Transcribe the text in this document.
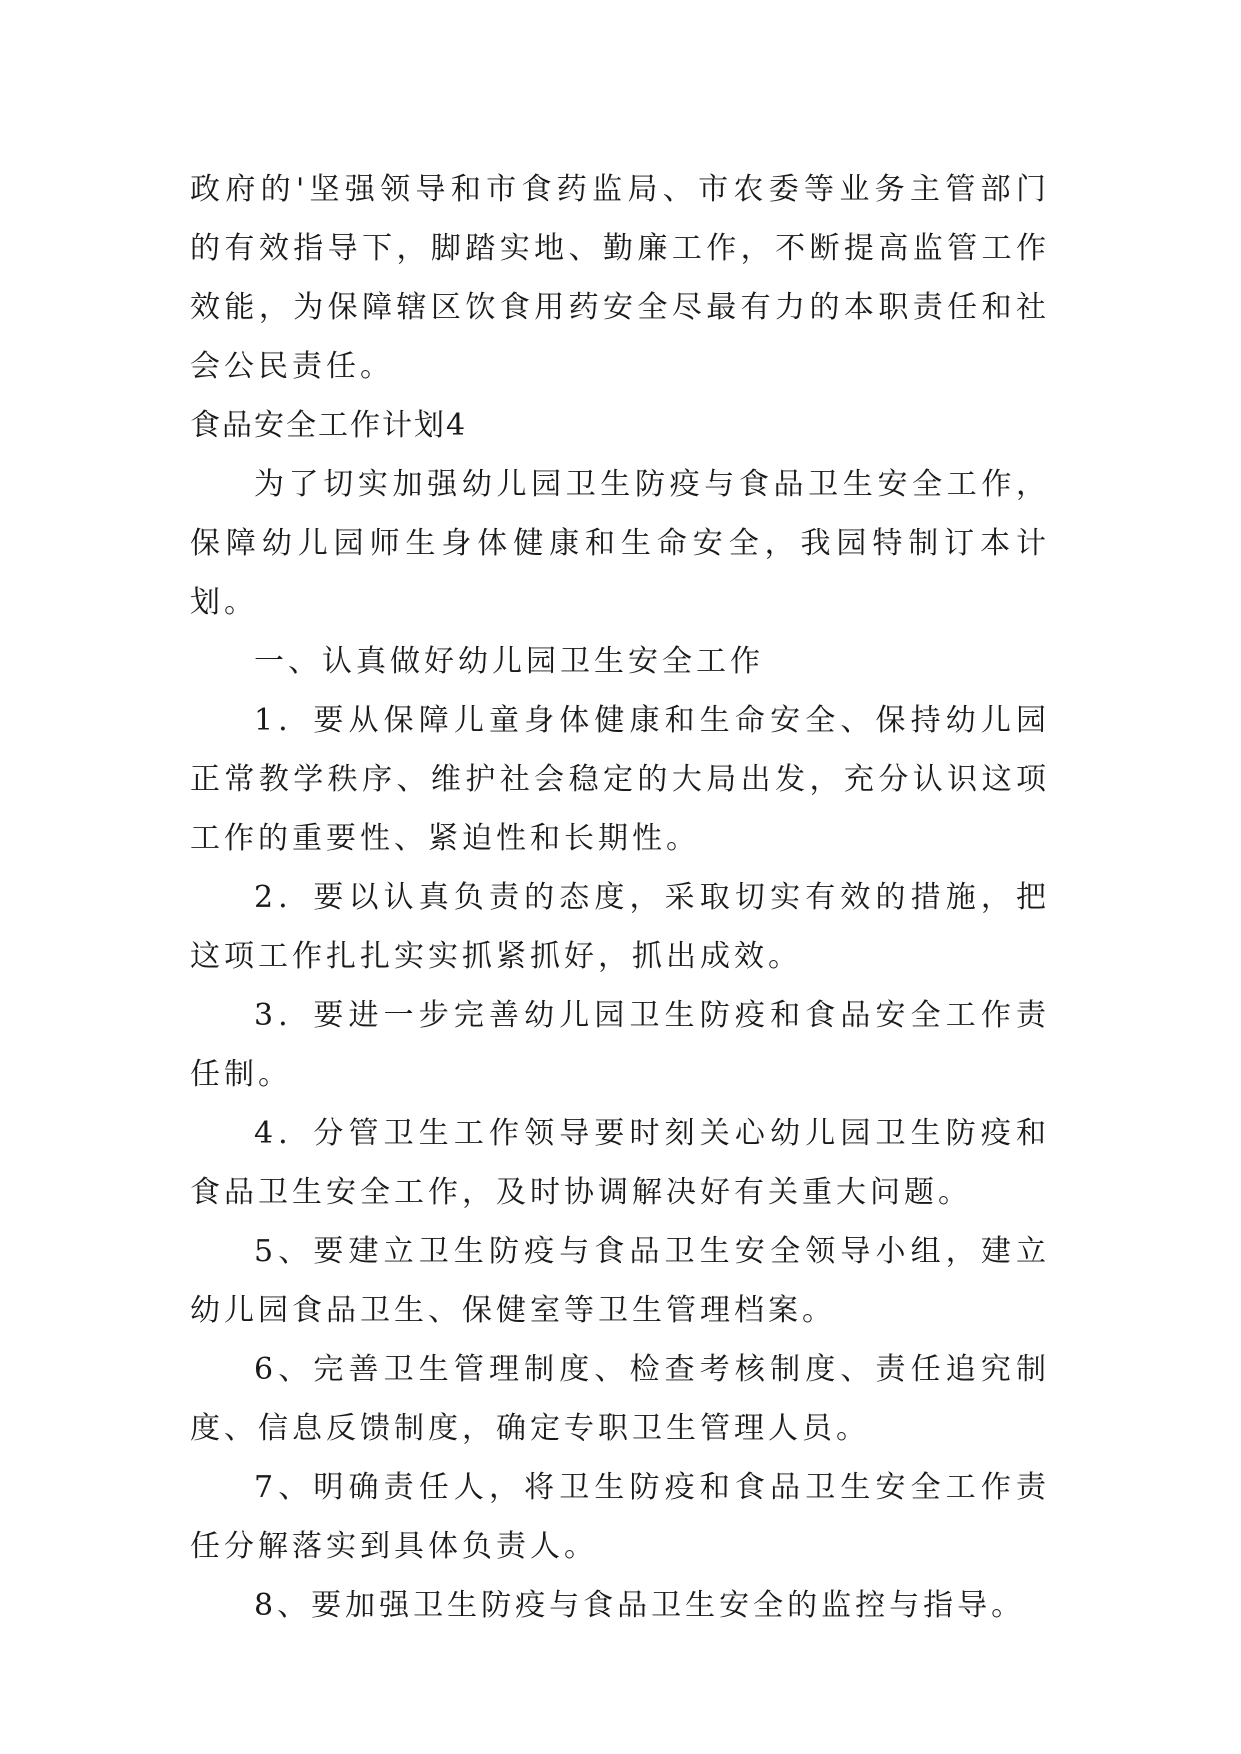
政府的'坚强领导和市食药监局、市农委等业务主管部门的有效指导下，脚踏实地、勤廉工作，不断提高监管工作效能，为保障辖区饮食用药安全尽最有力的本职责任和社会公民责任。

食品安全工作计划4

为了切实加强幼儿园卫生防疫与食品卫生安全工作，保障幼儿园师生身体健康和生命安全，我园特制订本计划。

一、认真做好幼儿园卫生安全工作

1．要从保障儿童身体健康和生命安全、保持幼儿园正常教学秩序、维护社会稳定的大局出发，充分认识这项工作的重要性、紧迫性和长期性。

2．要以认真负责的态度，采取切实有效的措施，把这项工作扎扎实实抓紧抓好，抓出成效。

3．要进一步完善幼儿园卫生防疫和食品安全工作责任制。

4．分管卫生工作领导要时刻关心幼儿园卫生防疫和食品卫生安全工作，及时协调解决好有关重大问题。

5、要建立卫生防疫与食品卫生安全领导小组，建立幼儿园食品卫生、保健室等卫生管理档案。

6、完善卫生管理制度、检查考核制度、责任追究制度、信息反馈制度，确定专职卫生管理人员。

7、明确责任人，将卫生防疫和食品卫生安全工作责任分解落实到具体负责人。

8、要加强卫生防疫与食品卫生安全的监控与指导。
